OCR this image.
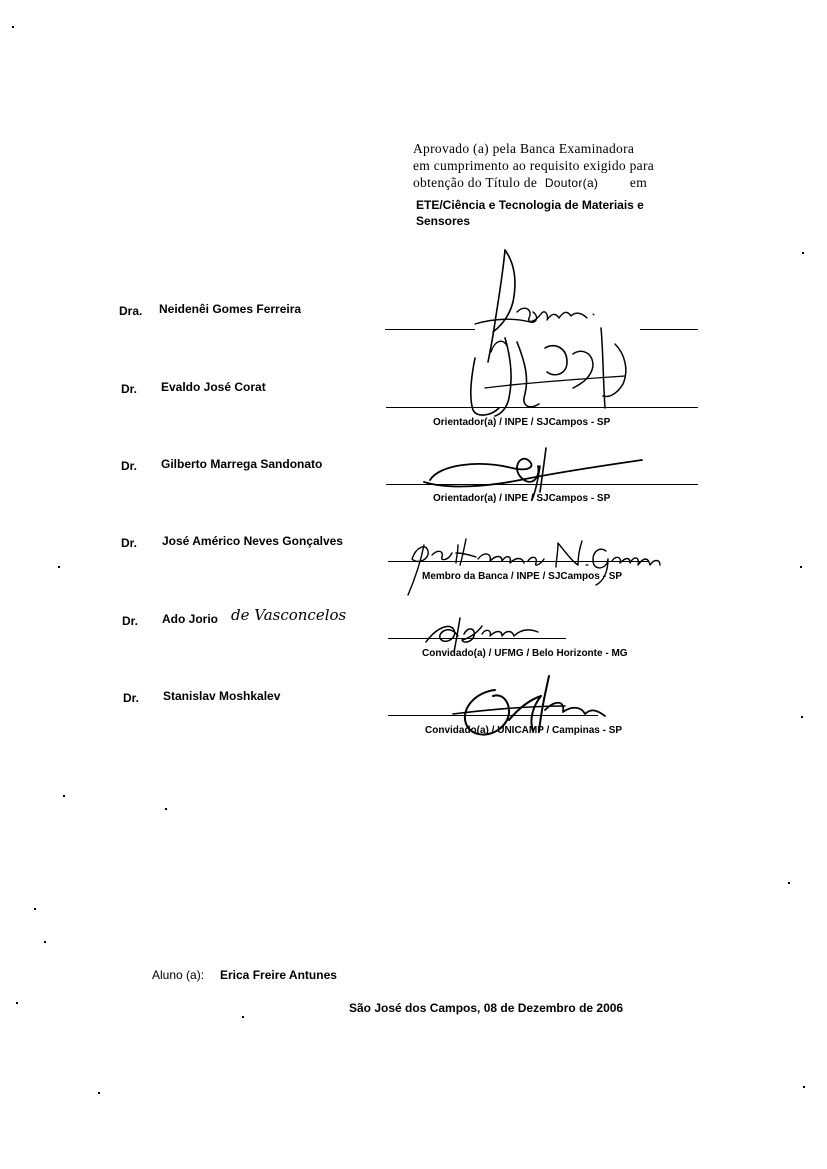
Aprovado (a) pela Banca Examinadora
em cumprimento ao requisito exigido para
obtenção do Título de Doutor(a) em
ETE/Ciência e Tecnologia de Materiais e
Sensores
Dra. Neidenêi Gomes Ferreira
Dr. Evaldo José Corat
Orientador(a) / INPE / SJCampos - SP
Dr. Gilberto Marrega Sandonato
Orientador(a) / INPE / SJCampos - SP
Dr. José Américo Neves Gonçalves
Membro da Banca / INPE / SJCampos - SP
Dr. Ado Jorio de Vasconcelos
Convidado(a) / UFMG / Belo Horizonte - MG
Dr. Stanislav Moshkalev
Convidado(a) / UNICAMP / Campinas - SP
Aluno (a): Erica Freire Antunes
São José dos Campos, 08 de Dezembro de 2006
